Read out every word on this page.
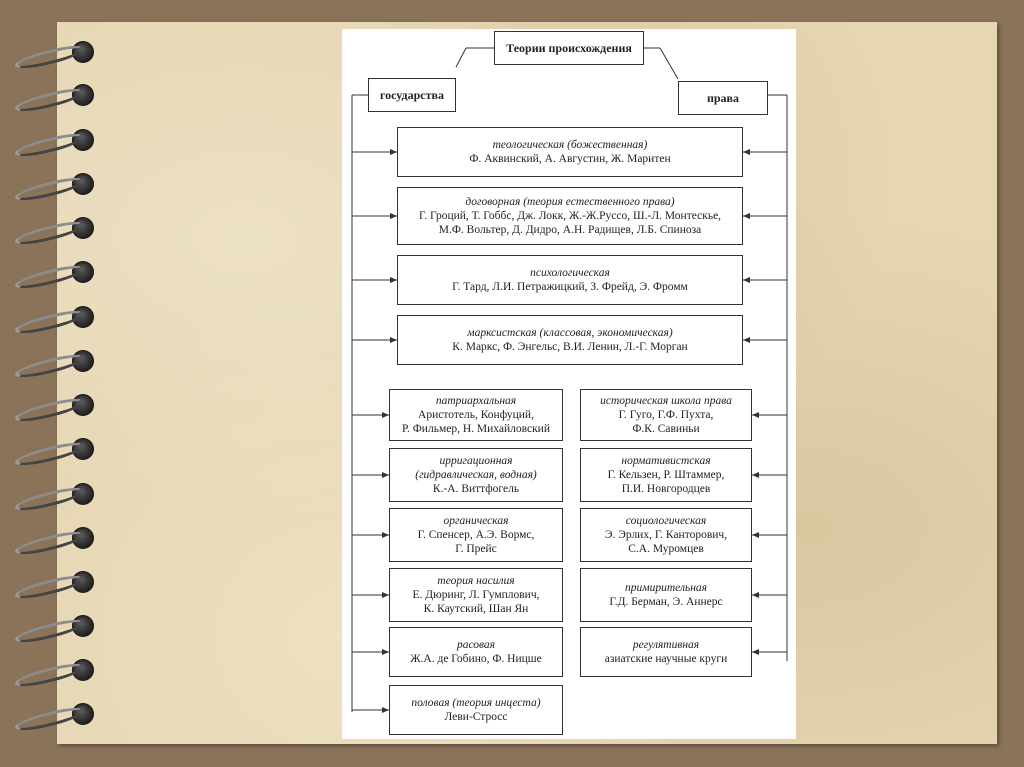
Теории происхождения
государства	права
теологическая (божественная)
Ф. Аквинский, А. Августин, Ж. Маритен
договорная (теория естественного права)
Г. Гроций, Т. Гоббс, Дж. Локк, Ж.-Ж.Руссо, Ш.-Л. Монтескье,
М.Ф. Вольтер, Д. Дидро, А.Н. Радищев, Л.Б. Спиноза
психологическая
Г. Тард, Л.И. Петражицкий, З. Фрейд, Э. Фромм
марксистская (классовая, экономическая)
К. Маркс, Ф. Энгельс, В.И. Ленин, Л.-Г. Морган
патриархальная
Аристотель, Конфуций,
Р. Фильмер, Н. Михайловский
ирригационная
(гидравлическая, водная)
К.-А. Виттфогель
органическая
Г. Спенсер, А.Э. Вормс,
Г. Прейс
теория насилия
Е. Дюринг, Л. Гумплович,
К. Каутский, Шан Ян
расовая
Ж.А. де Гобино, Ф. Ницше
половая (теория инцеста)
Леви-Стросс
историческая школа права
Г. Гуго, Г.Ф. Пухта,
Ф.К. Савиньи
нормативистская
Г. Кельзен, Р. Штаммер,
П.И. Новгородцев
социологическая
Э. Эрлих, Г. Канторович,
С.А. Муромцев
примирительная
Г.Д. Берман, Э. Аннерс
регулятивная
азиатские научные круги
